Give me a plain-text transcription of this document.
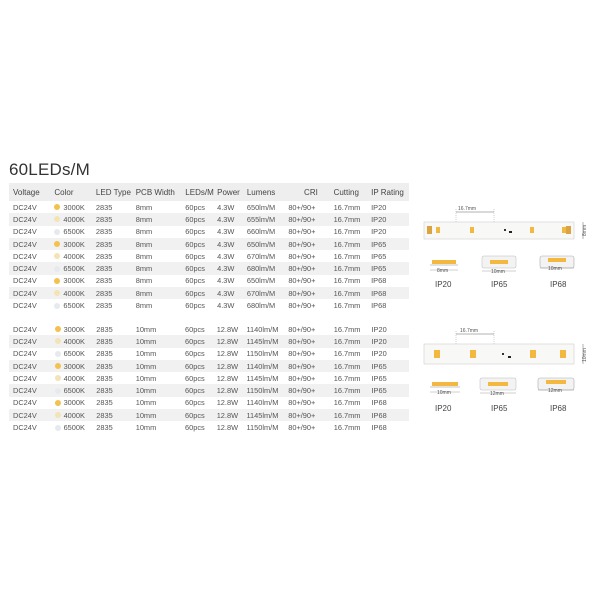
60LEDs/M
Voltage	Color	LED Type	PCB Width	LEDs/M	Power	Lumens	CRI	Cutting	IP Rating
DC24V	3000K	2835	8mm	60pcs	4.3W	650lm/M	80+/90+	16.7mm	IP20
DC24V	4000K	2835	8mm	60pcs	4.3W	655lm/M	80+/90+	16.7mm	IP20
DC24V	6500K	2835	8mm	60pcs	4.3W	660lm/M	80+/90+	16.7mm	IP20
DC24V	3000K	2835	8mm	60pcs	4.3W	650lm/M	80+/90+	16.7mm	IP65
DC24V	4000K	2835	8mm	60pcs	4.3W	670lm/M	80+/90+	16.7mm	IP65
DC24V	6500K	2835	8mm	60pcs	4.3W	680lm/M	80+/90+	16.7mm	IP65
DC24V	3000K	2835	8mm	60pcs	4.3W	650lm/M	80+/90+	16.7mm	IP68
DC24V	4000K	2835	8mm	60pcs	4.3W	670lm/M	80+/90+	16.7mm	IP68
DC24V	6500K	2835	8mm	60pcs	4.3W	680lm/M	80+/90+	16.7mm	IP68
DC24V	3000K	2835	10mm	60pcs	12.8W	1140lm/M	80+/90+	16.7mm	IP20
DC24V	4000K	2835	10mm	60pcs	12.8W	1145lm/M	80+/90+	16.7mm	IP20
DC24V	6500K	2835	10mm	60pcs	12.8W	1150lm/M	80+/90+	16.7mm	IP20
DC24V	3000K	2835	10mm	60pcs	12.8W	1140lm/M	80+/90+	16.7mm	IP65
DC24V	4000K	2835	10mm	60pcs	12.8W	1145lm/M	80+/90+	16.7mm	IP65
DC24V	6500K	2835	10mm	60pcs	12.8W	1150lm/M	80+/90+	16.7mm	IP65
DC24V	3000K	2835	10mm	60pcs	12.8W	1140lm/M	80+/90+	16.7mm	IP68
DC24V	4000K	2835	10mm	60pcs	12.8W	1145lm/M	80+/90+	16.7mm	IP68
DC24V	6500K	2835	10mm	60pcs	12.8W	1150lm/M	80+/90+	16.7mm	IP68
16.7mm
8mm
8mm
IP20
10mm
IP65
10mm
IP68
16.7mm
10mm
10mm
IP20
12mm
IP65
12mm
IP68
